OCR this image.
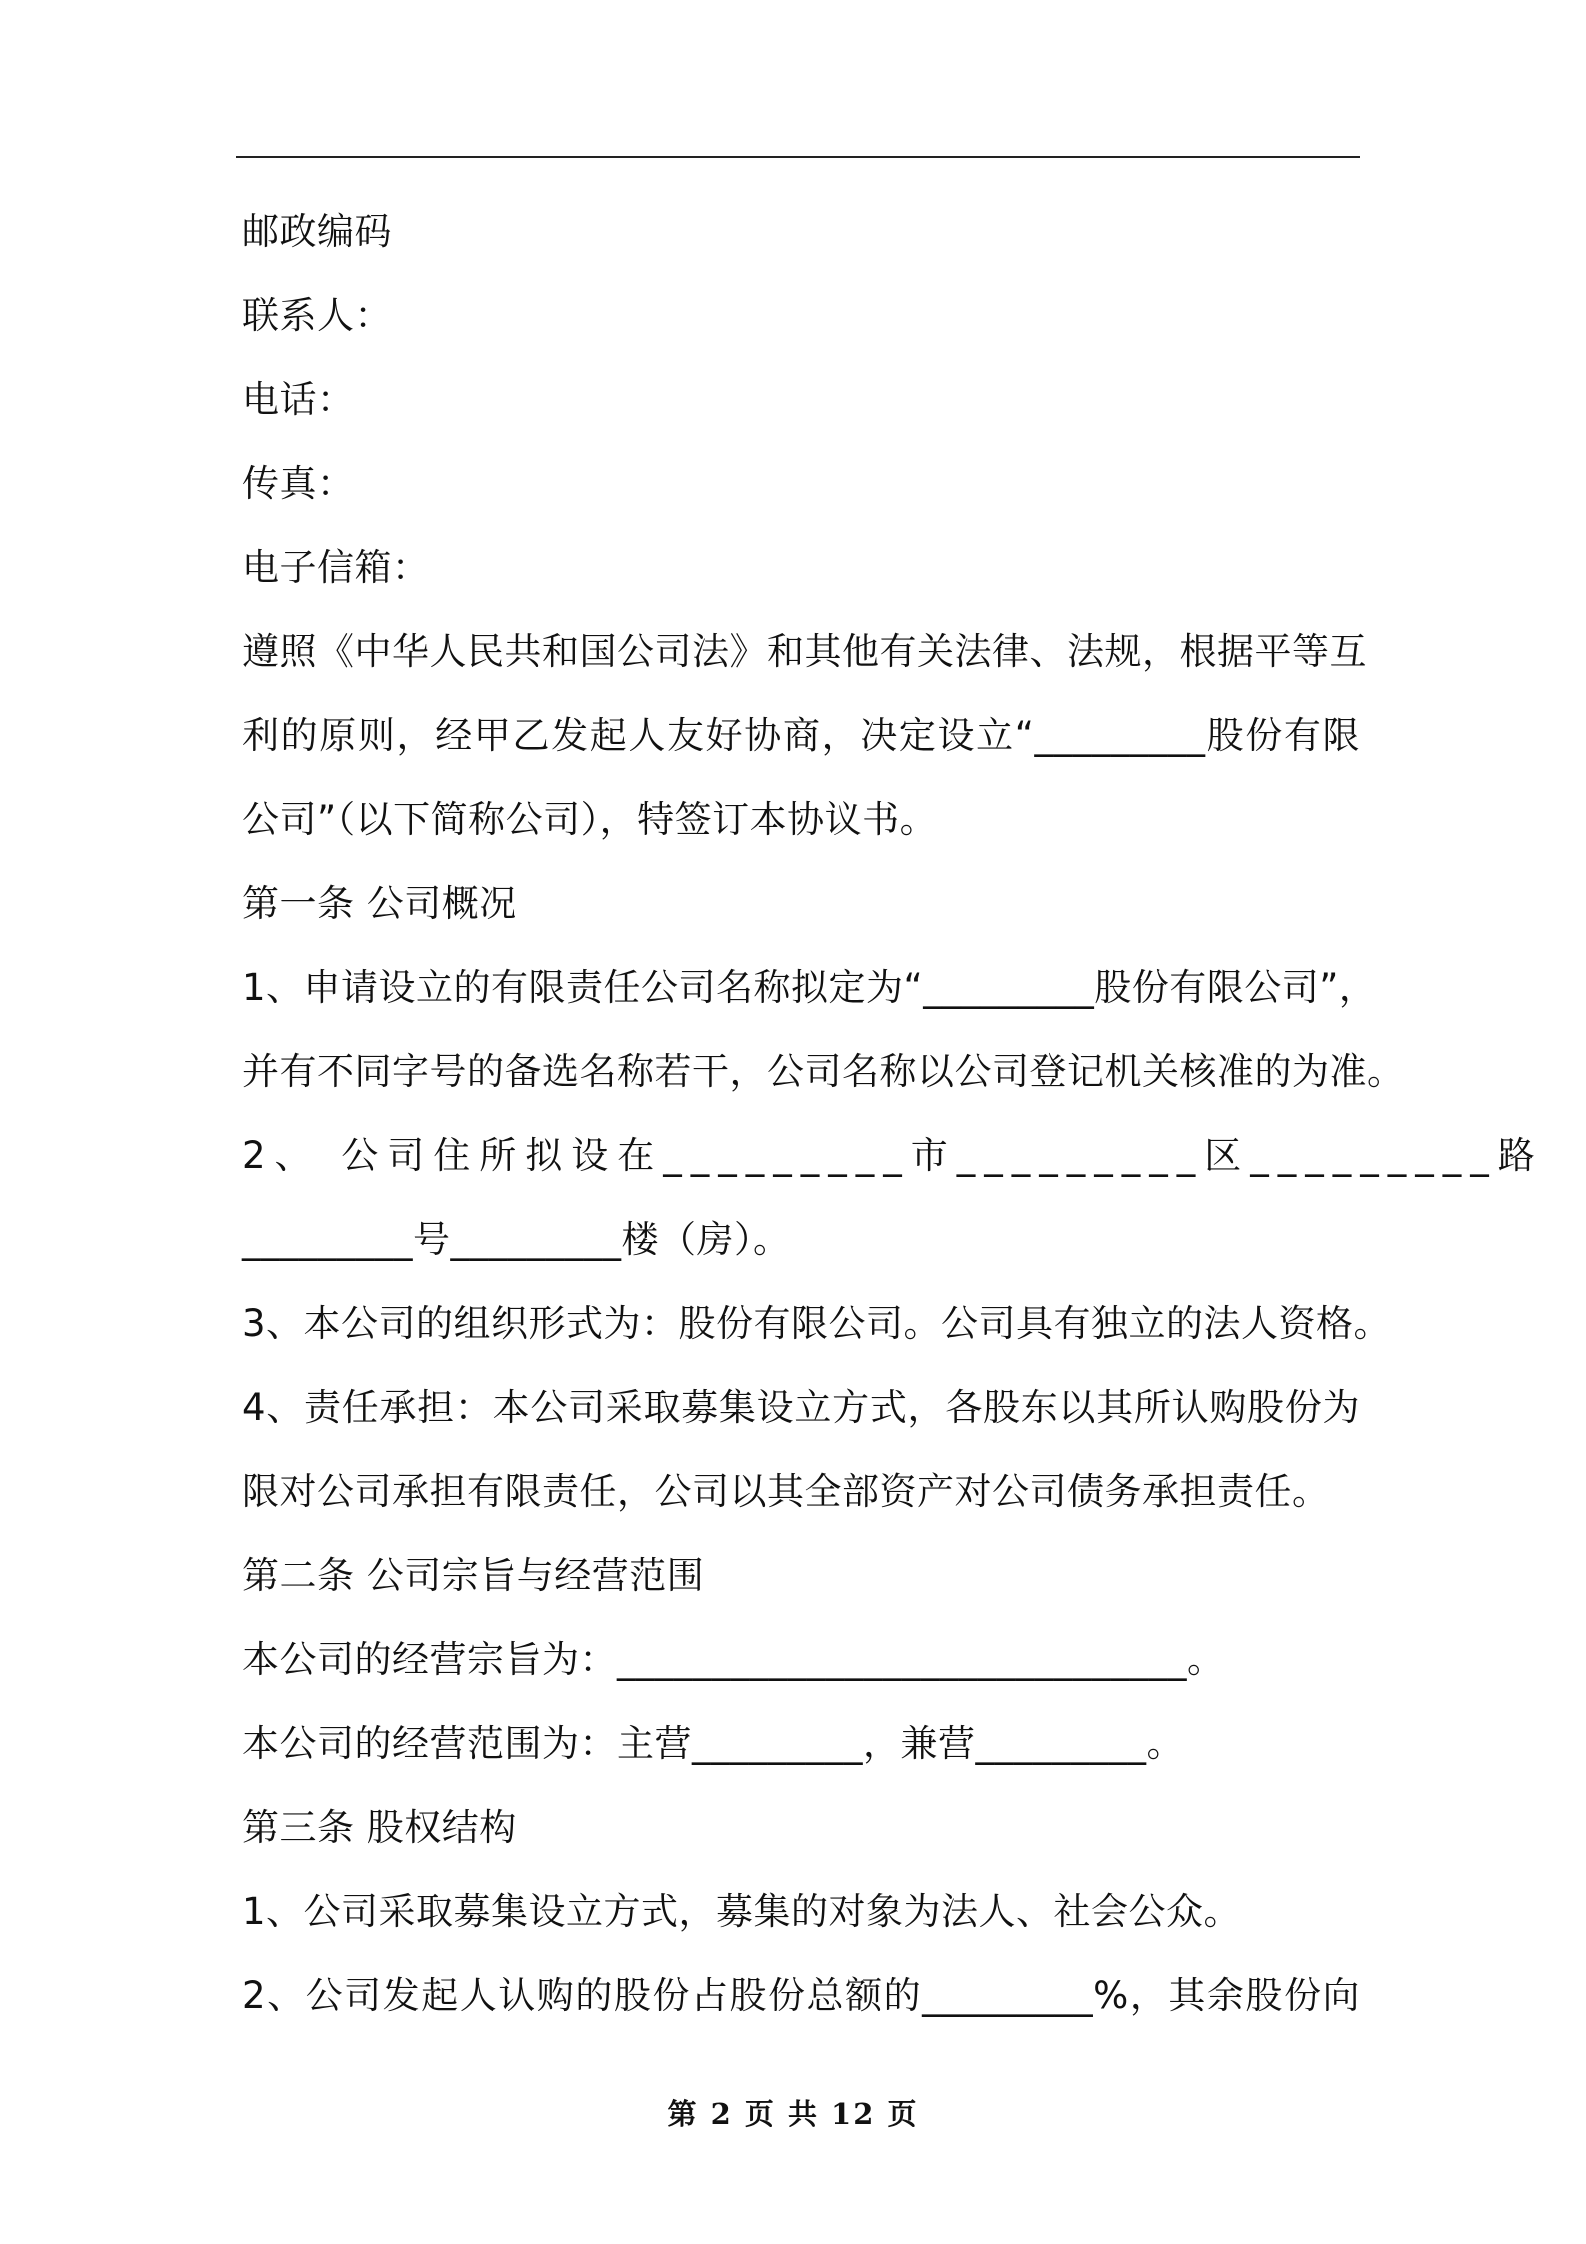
邮政编码
联系人：
电话：
传真：
电子信箱：
遵照《中华人民共和国公司法》和其他有关法律、法规，根据平等互
利的原则，经甲乙发起人友好协商，决定设立“_________股份有限
公司”（以下简称公司），特签订本协议书。
第一条 公司概况
1、申请设立的有限责任公司名称拟定为“_________股份有限公司”，
并有不同字号的备选名称若干，公司名称以公司登记机关核准的为准。
2、 公司住所拟设在_________市_________区_________路
_________号_________楼（房）。
3、本公司的组织形式为：股份有限公司。公司具有独立的法人资格。
4、责任承担：本公司采取募集设立方式，各股东以其所认购股份为
限对公司承担有限责任，公司以其全部资产对公司债务承担责任。
第二条 公司宗旨与经营范围
本公司的经营宗旨为：______________________________。
本公司的经营范围为：主营_________，兼营_________。
第三条 股权结构
1、公司采取募集设立方式，募集的对象为法人、社会公众。
2、公司发起人认购的股份占股份总额的_________%，其余股份向
第 2 页 共 12 页
